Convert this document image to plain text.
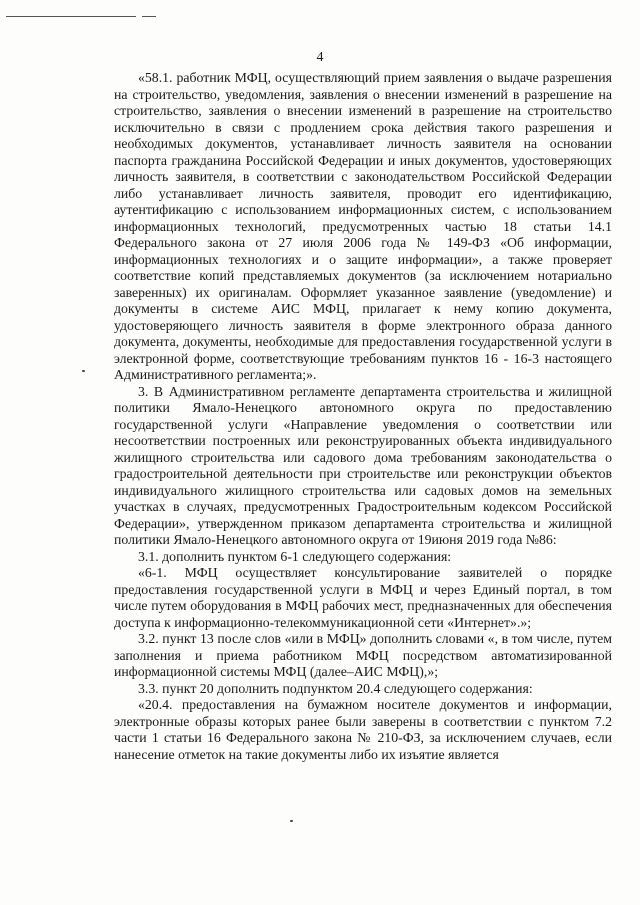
4

«58.1. работник МФЦ, осуществляющий прием заявления о выдаче разрешения на строительство, уведомления, заявления о внесении изменений в разрешение на строительство, заявления о внесении изменений в разрешение на строительство исключительно в связи с продлением срока действия такого разрешения и необходимых документов, устанавливает личность заявителя на основании паспорта гражданина Российской Федерации и иных документов, удостоверяющих личность заявителя, в соответствии с законодательством Российской Федерации либо устанавливает личность заявителя, проводит его идентификацию, аутентификацию с использованием информационных систем, с использованием информационных технологий, предусмотренных частью 18 статьи 14.1 Федерального закона от 27 июля 2006 года № 149-ФЗ «Об информации, информационных технологиях и о защите информации», а также проверяет соответствие копий представляемых документов (за исключением нотариально заверенных) их оригиналам. Оформляет указанное заявление (уведомление) и документы в системе АИС МФЦ, прилагает к нему копию документа, удостоверяющего личность заявителя в форме электронного образа данного документа, документы, необходимые для предоставления государственной услуги в электронной форме, соответствующие требованиям пунктов 16 - 16-3 настоящего Административного регламента;».

3. В Административном регламенте департамента строительства и жилищной политики Ямало-Ненецкого автономного округа по предоставлению государственной услуги «Направление уведомления о соответствии или несоответствии построенных или реконструированных объекта индивидуального жилищного строительства или садового дома требованиям законодательства о градостроительной деятельности при строительстве или реконструкции объектов индивидуального жилищного строительства или садовых домов на земельных участках в случаях, предусмотренных Градостроительным кодексом Российской Федерации», утвержденном приказом департамента строительства и жилищной политики Ямало-Ненецкого автономного округа от 19июня 2019 года №86:

3.1. дополнить пунктом 6-1 следующего содержания:

«6-1. МФЦ осуществляет консультирование заявителей о порядке предоставления государственной услуги в МФЦ и через Единый портал, в том числе путем оборудования в МФЦ рабочих мест, предназначенных для обеспечения доступа к информационно-телекоммуникационной сети «Интернет».»;

3.2. пункт 13 после слов «или в МФЦ» дополнить словами «, в том числе, путем заполнения и приема работником МФЦ посредством автоматизированной информационной системы МФЦ (далее–АИС МФЦ),»;

3.3. пункт 20 дополнить подпунктом 20.4 следующего содержания:

«20.4. предоставления на бумажном носителе документов и информации, электронные образы которых ранее были заверены в соответствии с пунктом 7.2 части 1 статьи 16 Федерального закона № 210-ФЗ, за исключением случаев, если нанесение отметок на такие документы либо их изъятие является
